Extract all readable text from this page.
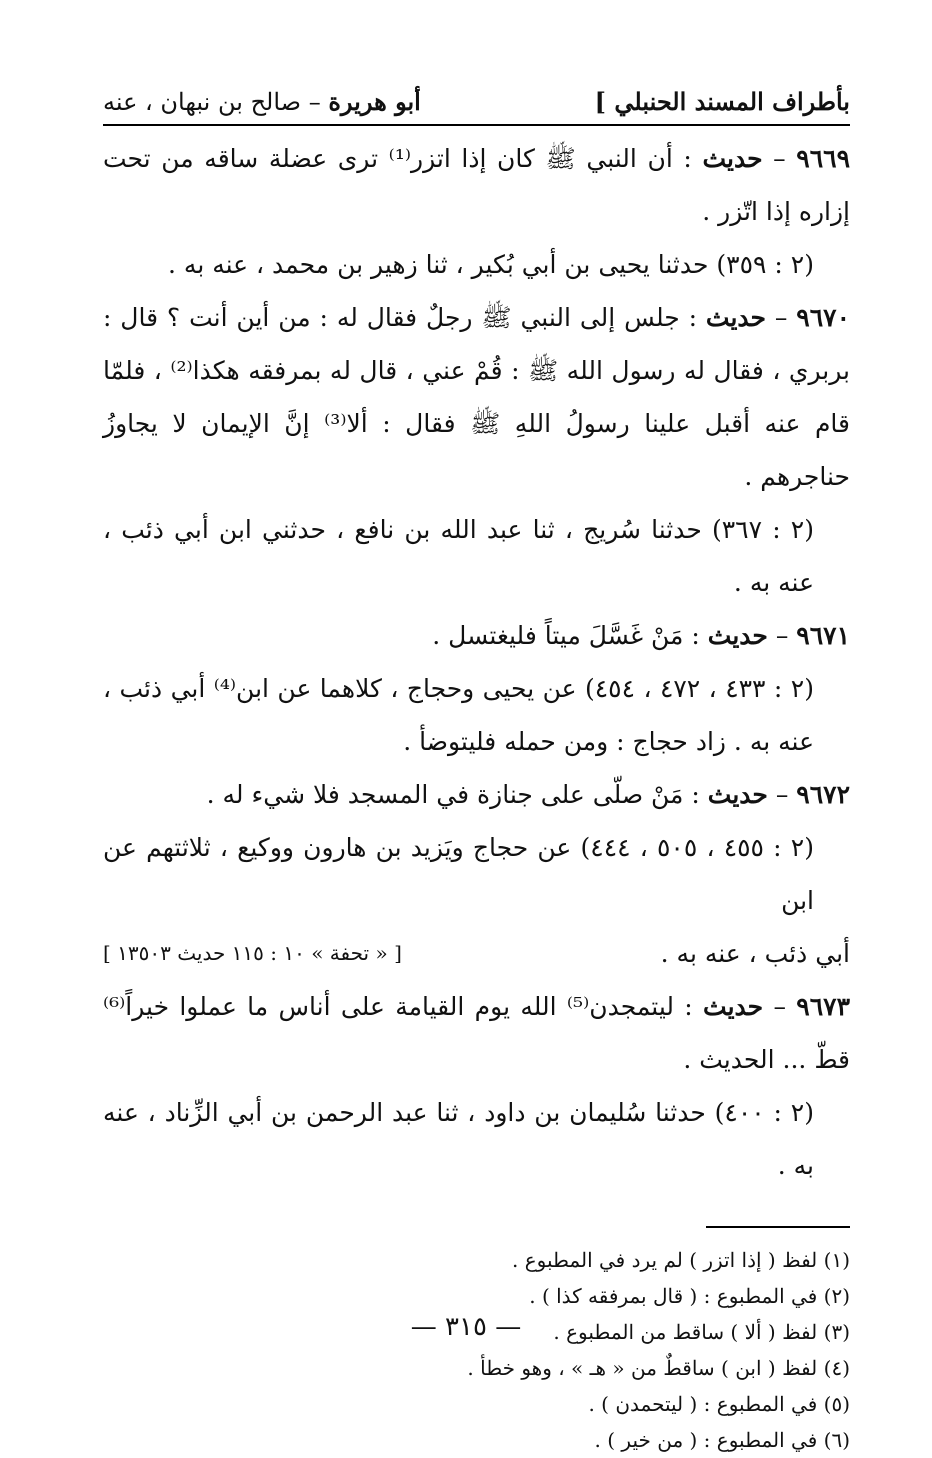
بأطراف المسند الحنبلي ]
أبو هريرة – صالح بن نبهان ، عنه
٩٦٦٩ – حديث : أن النبي ﷺ كان إذا اتزر⁽¹⁾ ترى عضلة ساقه من تحت إزاره إذا اتّزر .
(٢ : ٣٥٩) حدثنا يحيى بن أبي بُكير ، ثنا زهير بن محمد ، عنه به .
٩٦٧٠ – حديث : جلس إلى النبي ﷺ رجلٌ فقال له : من أين أنت ؟ قال : بربري ، فقال له رسول الله ﷺ : قُمْ عني ، قال له بمرفقه هكذا⁽²⁾ ، فلمّا قام عنه أقبل علينا رسولُ اللهِ ﷺ فقال : ألا⁽³⁾ إنَّ الإيمان لا يجاوزُ حناجرهم .
(٢ : ٣٦٧) حدثنا سُريج ، ثنا عبد الله بن نافع ، حدثني ابن أبي ذئب ، عنه به .
٩٦٧١ – حديث : مَنْ غَسَّلَ ميتاً فليغتسل .
(٢ : ٤٣٣ ، ٤٧٢ ، ٤٥٤) عن يحيى وحجاج ، كلاهما عن ابن⁽⁴⁾ أبي ذئب ، عنه به . زاد حجاج : ومن حمله فليتوضأ .
٩٦٧٢ – حديث : مَنْ صلّى على جنازة في المسجد فلا شيء له .
(٢ : ٤٥٥ ، ٥٠٥ ، ٤٤٤) عن حجاج ويَزيد بن هارون ووكيع ، ثلاثتهم عن ابن
أبي ذئب ، عنه به .
[ « تحفة » ١٠ : ١١٥ حديث ١٣٥٠٣ ]
٩٦٧٣ – حديث : ليتمجدن⁽⁵⁾ الله يوم القيامة على أناس ما عملوا خيراً⁽⁶⁾ قطّ ... الحديث .
(٢ : ٤٠٠) حدثنا سُليمان بن داود ، ثنا عبد الرحمن بن أبي الزِّناد ، عنه به .
(١) لفظ ( إذا اتزر ) لم يرد في المطبوع .
(٢) في المطبوع : ( قال بمرفقه كذا ) .
(٣) لفظ ( ألا ) ساقط من المطبوع .
(٤) لفظ ( ابن ) ساقطٌ من « هـ » ، وهو خطأ .
(٥) في المطبوع : ( ليتحمدن ) .
(٦) في المطبوع : ( من خير ) .
— ٣١٥ —
